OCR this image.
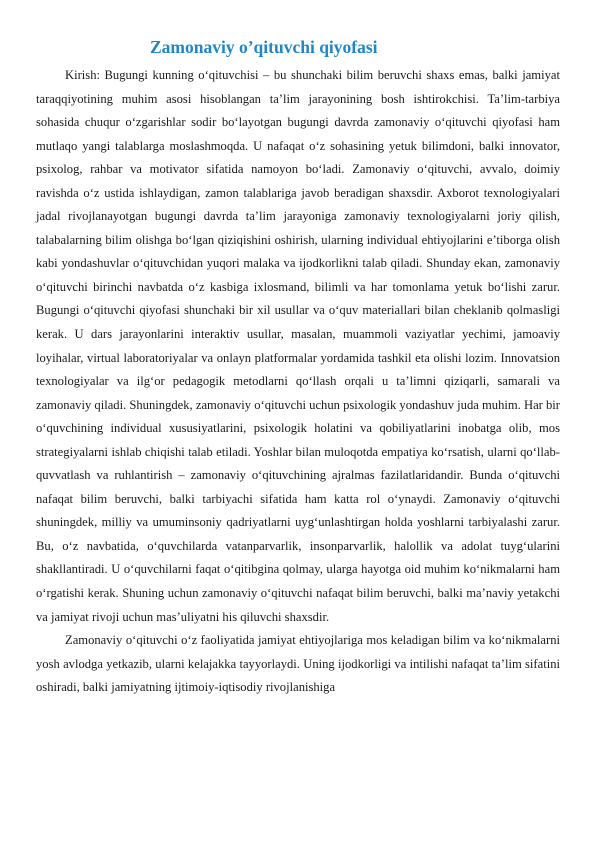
Zamonaviy o’qituvchi qiyofasi

Kirish: Bugungi kunning o‘qituvchisi – bu shunchaki bilim beruvchi shaxs emas, balki jamiyat taraqqiyotining muhim asosi hisoblangan ta’lim jarayonining bosh ishtirokchisi. Ta’lim-tarbiya sohasida chuqur o‘zgarishlar sodir bo‘layotgan bugungi davrda zamonaviy o‘qituvchi qiyofasi ham mutlaqo yangi talablarga moslashmoqda. U nafaqat o‘z sohasining yetuk bilimdoni, balki innovator, psixolog, rahbar va motivator sifatida namoyon bo‘ladi. Zamonaviy o‘qituvchi, avvalo, doimiy ravishda o‘z ustida ishlaydigan, zamon talablariga javob beradigan shaxsdir. Axborot texnologiyalari jadal rivojlanayotgan bugungi davrda ta’lim jarayoniga zamonaviy texnologiyalarni joriy qilish, talabalarning bilim olishga bo‘lgan qiziqishini oshirish, ularning individual ehtiyojlarini e’tiborga olish kabi yondashuvlar o‘qituvchidan yuqori malaka va ijodkorlikni talab qiladi. Shunday ekan, zamonaviy o‘qituvchi birinchi navbatda o‘z kasbiga ixlosmand, bilimli va har tomonlama yetuk bo‘lishi zarur. Bugungi o‘qituvchi qiyofasi shunchaki bir xil usullar va o‘quv materiallari bilan cheklanib qolmasligi kerak. U dars jarayonlarini interaktiv usullar, masalan, muammoli vaziyatlar yechimi, jamoaviy loyihalar, virtual laboratoriyalar va onlayn platformalar yordamida tashkil eta olishi lozim. Innovatsion texnologiyalar va ilg‘or pedagogik metodlarni qo‘llash orqali u ta’limni qiziqarli, samarali va zamonaviy qiladi. Shuningdek, zamonaviy o‘qituvchi uchun psixologik yondashuv juda muhim. Har bir o‘quvchining individual xususiyatlarini, psixologik holatini va qobiliyatlarini inobatga olib, mos strategiyalarni ishlab chiqishi talab etiladi. Yoshlar bilan muloqotda empatiya ko‘rsatish, ularni qo‘llab-quvvatlash va ruhlantirish – zamonaviy o‘qituvchining ajralmas fazilatlaridandir. Bunda o‘qituvchi nafaqat bilim beruvchi, balki tarbiyachi sifatida ham katta rol o‘ynaydi. Zamonaviy o‘qituvchi shuningdek, milliy va umuminsoniy qadriyatlarni uyg‘unlashtirgan holda yoshlarni tarbiyalashi zarur. Bu, o‘z navbatida, o‘quvchilarda vatanparvarlik, insonparvarlik, halollik va adolat tuyg‘ularini shakllantiradi. U o‘quvchilarni faqat o‘qitibgina qolmay, ularga hayotga oid muhim ko‘nikmalarni ham o‘rgatishi kerak. Shuning uchun zamonaviy o‘qituvchi nafaqat bilim beruvchi, balki ma’naviy yetakchi va jamiyat rivoji uchun mas’uliyatni his qiluvchi shaxsdir.

Zamonaviy o‘qituvchi o‘z faoliyatida jamiyat ehtiyojlariga mos keladigan bilim va ko‘nikmalarni yosh avlodga yetkazib, ularni kelajakka tayyorlaydi. Uning ijodkorligi va intilishi nafaqat ta’lim sifatini oshiradi, balki jamiyatning ijtimoiy-iqtisodiy rivojlanishiga
